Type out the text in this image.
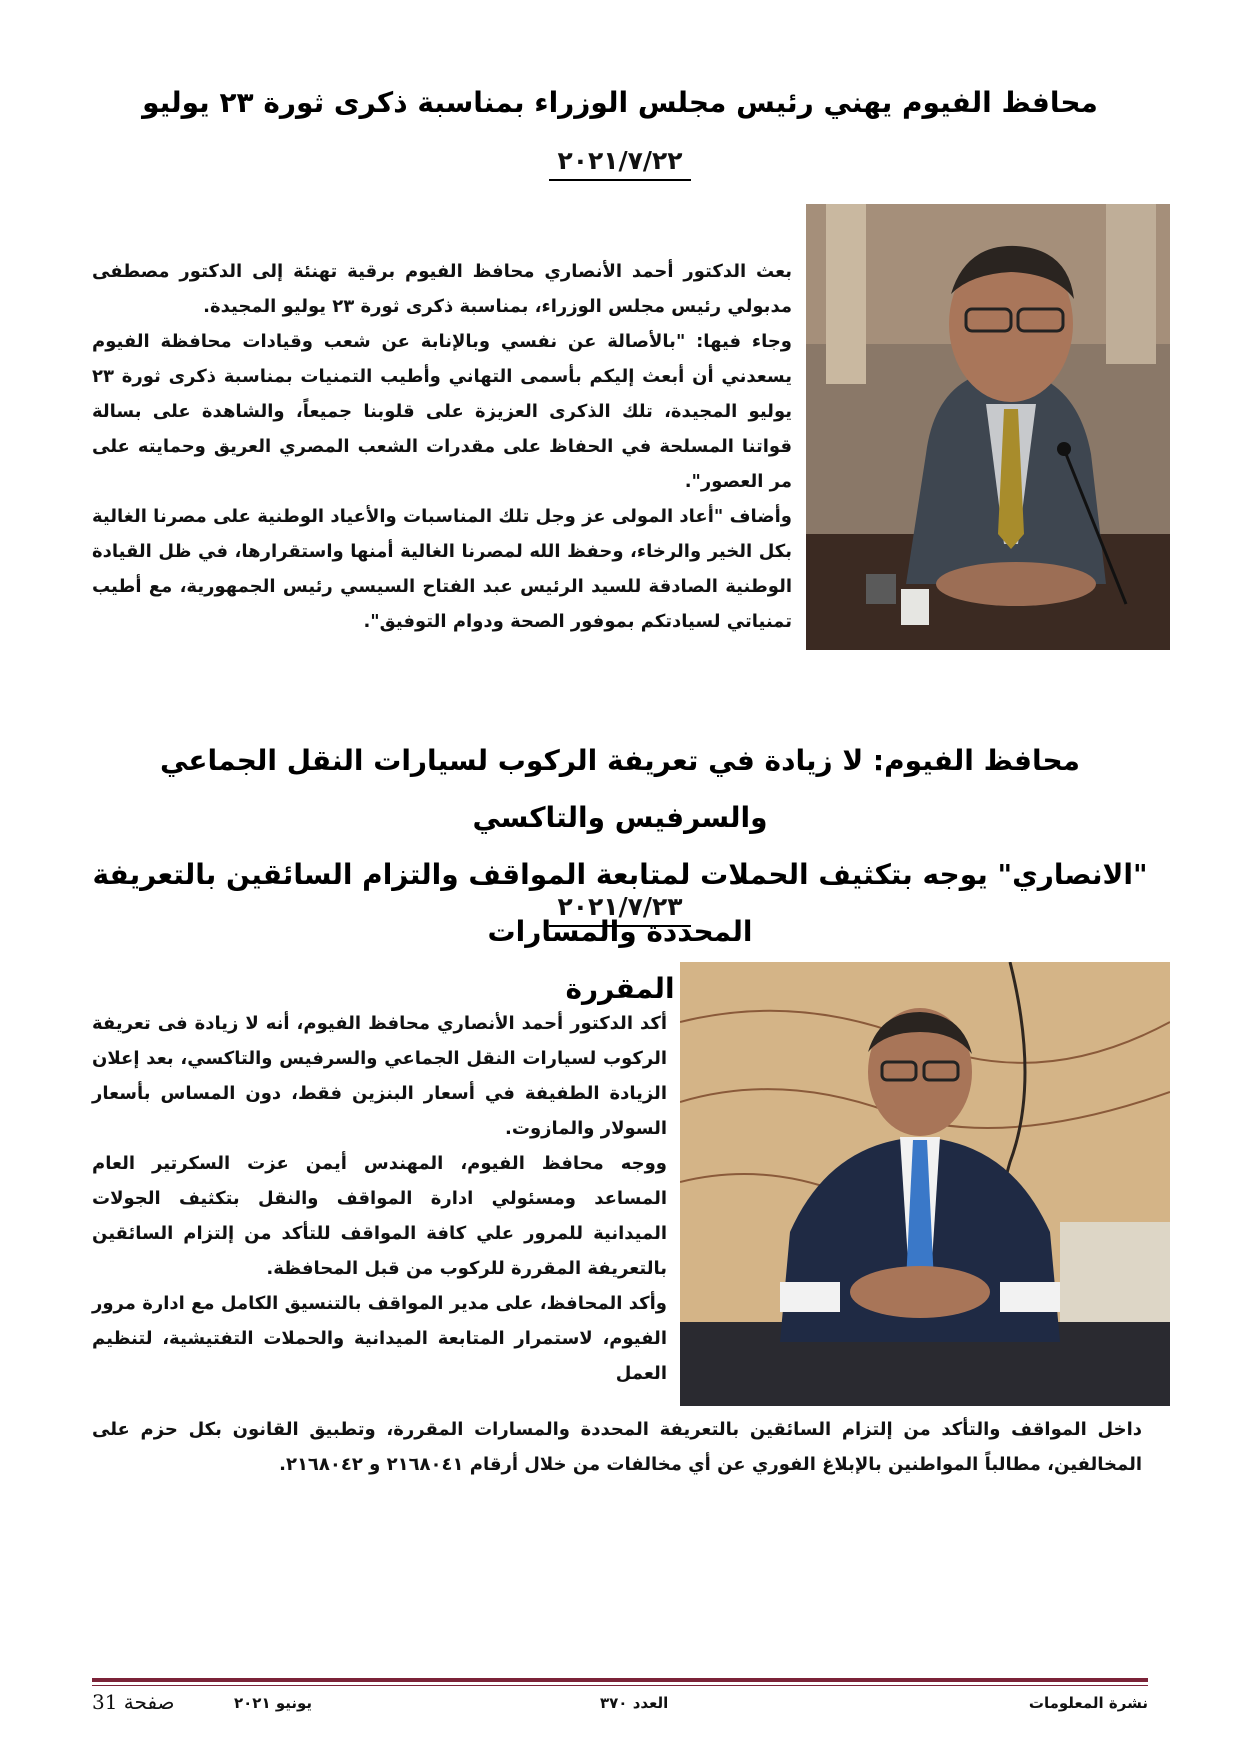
محافظ الفيوم يهني رئيس مجلس الوزراء بمناسبة ذكرى ثورة ٢٣ يوليو
٢٠٢١/٧/٢٢
بعث الدكتور أحمد الأنصاري محافظ الفيوم برقية تهنئة إلى الدكتور مصطفى مدبولي رئيس مجلس الوزراء، بمناسبة ذكرى ثورة ٢٣ يوليو المجيدة.
وجاء فيها: "بالأصالة عن نفسي وبالإنابة عن شعب وقيادات محافظة الفيوم يسعدني أن أبعث إليكم بأسمى التهاني وأطيب التمنيات بمناسبة ذكرى ثورة ٢٣ يوليو المجيدة، تلك الذكرى العزيزة على قلوبنا جميعاً، والشاهدة على بسالة قواتنا المسلحة في الحفاظ على مقدرات الشعب المصري العريق وحمايته على مر العصور".
وأضاف "أعاد المولى عز وجل تلك المناسبات والأعياد الوطنية على مصرنا الغالية بكل الخير والرخاء، وحفظ الله لمصرنا الغالية أمنها واستقرارها، في ظل القيادة الوطنية الصادقة للسيد الرئيس عبد الفتاح السيسي رئيس الجمهورية، مع أطيب تمنياتي لسيادتكم بموفور الصحة ودوام التوفيق".
محافظ الفيوم: لا زيادة في تعريفة الركوب لسيارات النقل الجماعي والسرفيس والتاكسي
"الانصاري" يوجه بتكثيف الحملات لمتابعة المواقف والتزام السائقين بالتعريفة المحددة والمسارات
المقررة
٢٠٢١/٧/٢٣
أكد الدكتور أحمد الأنصاري محافظ الفيوم، أنه لا زيادة فى تعريفة الركوب لسيارات النقل الجماعي والسرفيس والتاكسي، بعد إعلان الزيادة الطفيفة في أسعار البنزين فقط، دون المساس بأسعار السولار والمازوت.
ووجه محافظ الفيوم، المهندس أيمن عزت السكرتير العام المساعد ومسئولي ادارة المواقف والنقل بتكثيف الجولات الميدانية للمرور علي كافة المواقف للتأكد من إلتزام السائقين بالتعريفة المقررة للركوب من قبل المحافظة.
وأكد المحافظ، على مدير المواقف بالتنسيق الكامل مع ادارة مرور الفيوم، لاستمرار المتابعة الميدانية والحملات التفتيشية، لتنظيم العمل
داخل المواقف والتأكد من إلتزام السائقين بالتعريفة المحددة والمسارات المقررة، وتطبيق القانون بكل حزم على المخالفين، مطالباً المواطنين بالإبلاغ الفوري عن أي مخالفات من خلال أرقام ٢١٦٨٠٤١ و ٢١٦٨٠٤٢.
نشرة المعلومات
العدد ٣٧٠
يونيو ٢٠٢١
صفحة 31
